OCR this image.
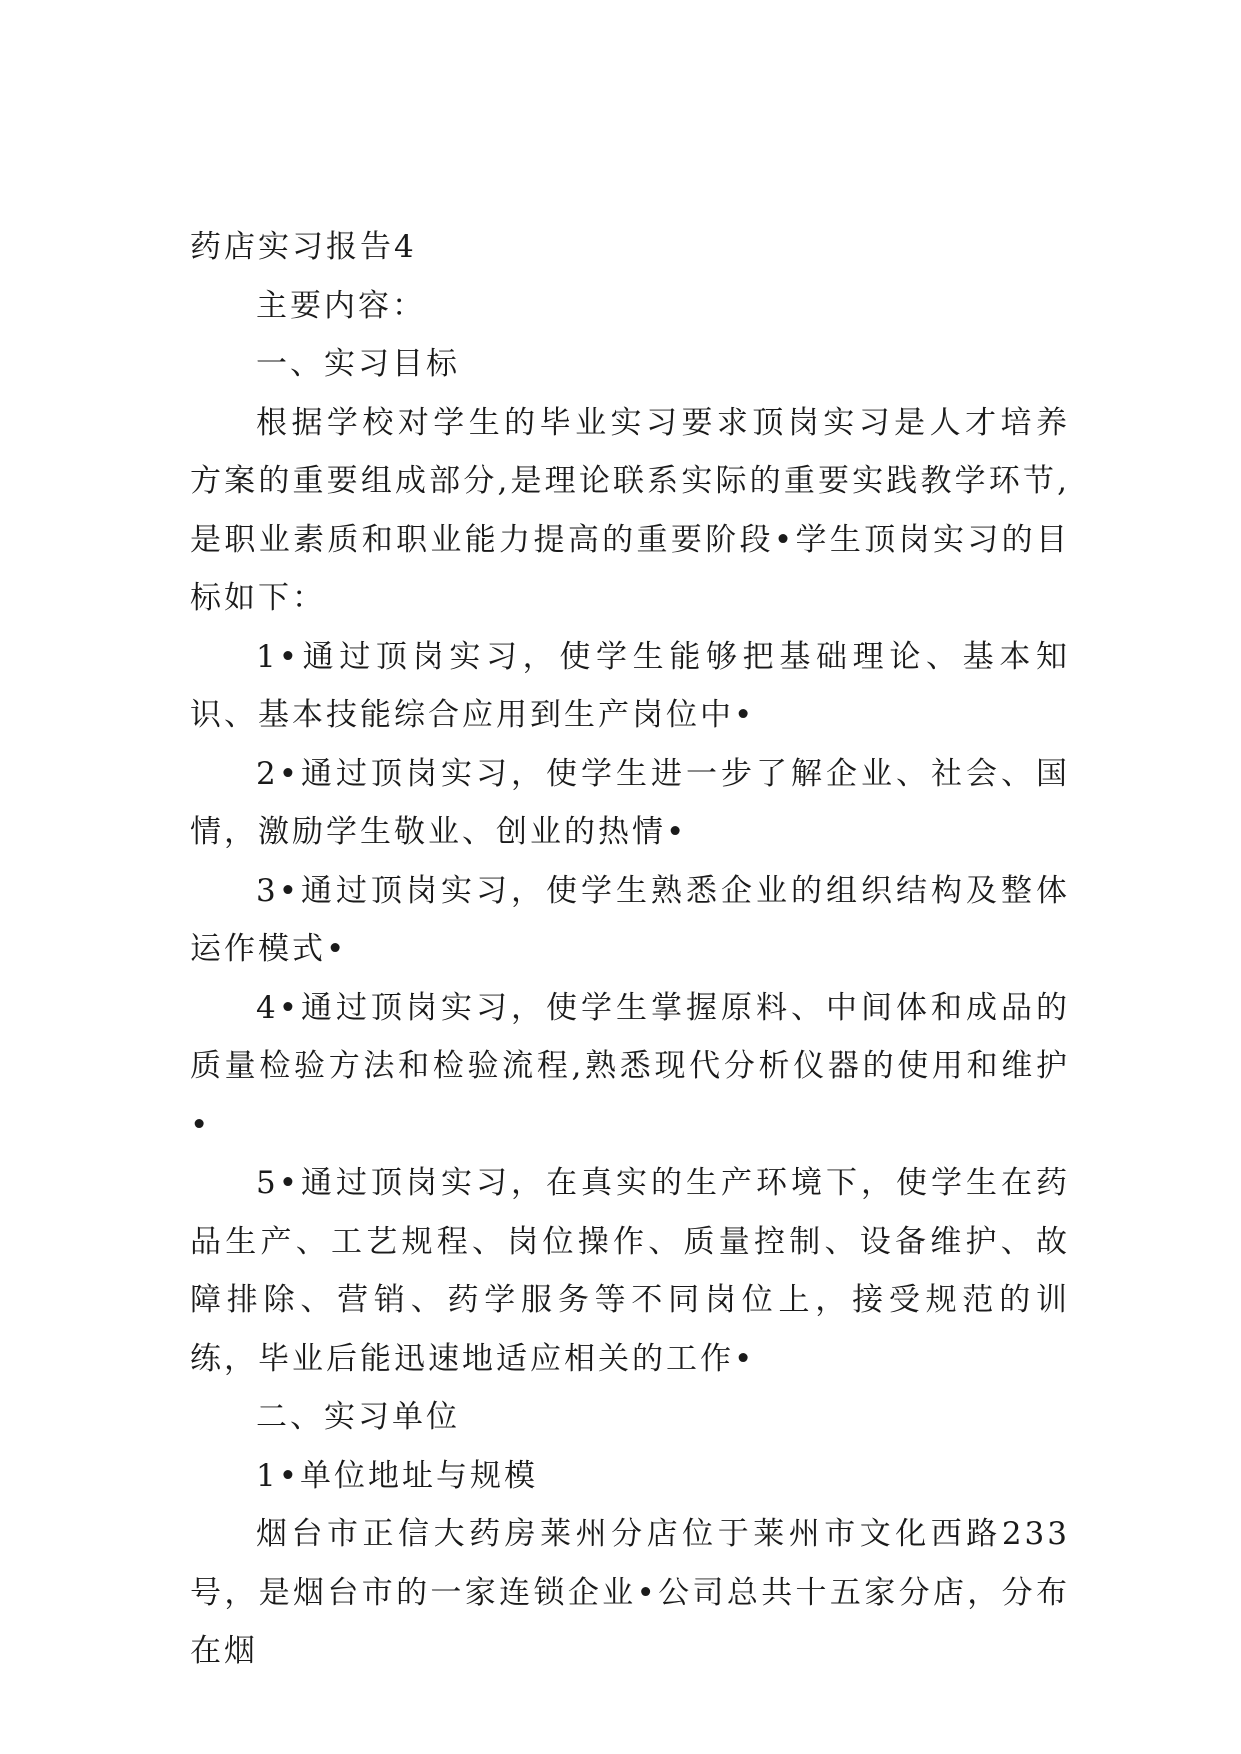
药店实习报告4

主要内容：

一、实习目标

根据学校对学生的毕业实习要求顶岗实习是人才培养方案的重要组成部分,是理论联系实际的重要实践教学环节,是职业素质和职业能力提高的重要阶段•学生顶岗实习的目标如下：

1•通过顶岗实习，使学生能够把基础理论、基本知识、基本技能综合应用到生产岗位中•

2•通过顶岗实习，使学生进一步了解企业、社会、国情，激励学生敬业、创业的热情•

3•通过顶岗实习，使学生熟悉企业的组织结构及整体运作模式•

4•通过顶岗实习，使学生掌握原料、中间体和成品的质量检验方法和检验流程,熟悉现代分析仪器的使用和维护•

5•通过顶岗实习，在真实的生产环境下，使学生在药品生产、工艺规程、岗位操作、质量控制、设备维护、故障排除、营销、药学服务等不同岗位上，接受规范的训练，毕业后能迅速地适应相关的工作•

二、实习单位

1•单位地址与规模

烟台市正信大药房莱州分店位于莱州市文化西路233号，是烟台市的一家连锁企业•公司总共十五家分店，分布在烟
